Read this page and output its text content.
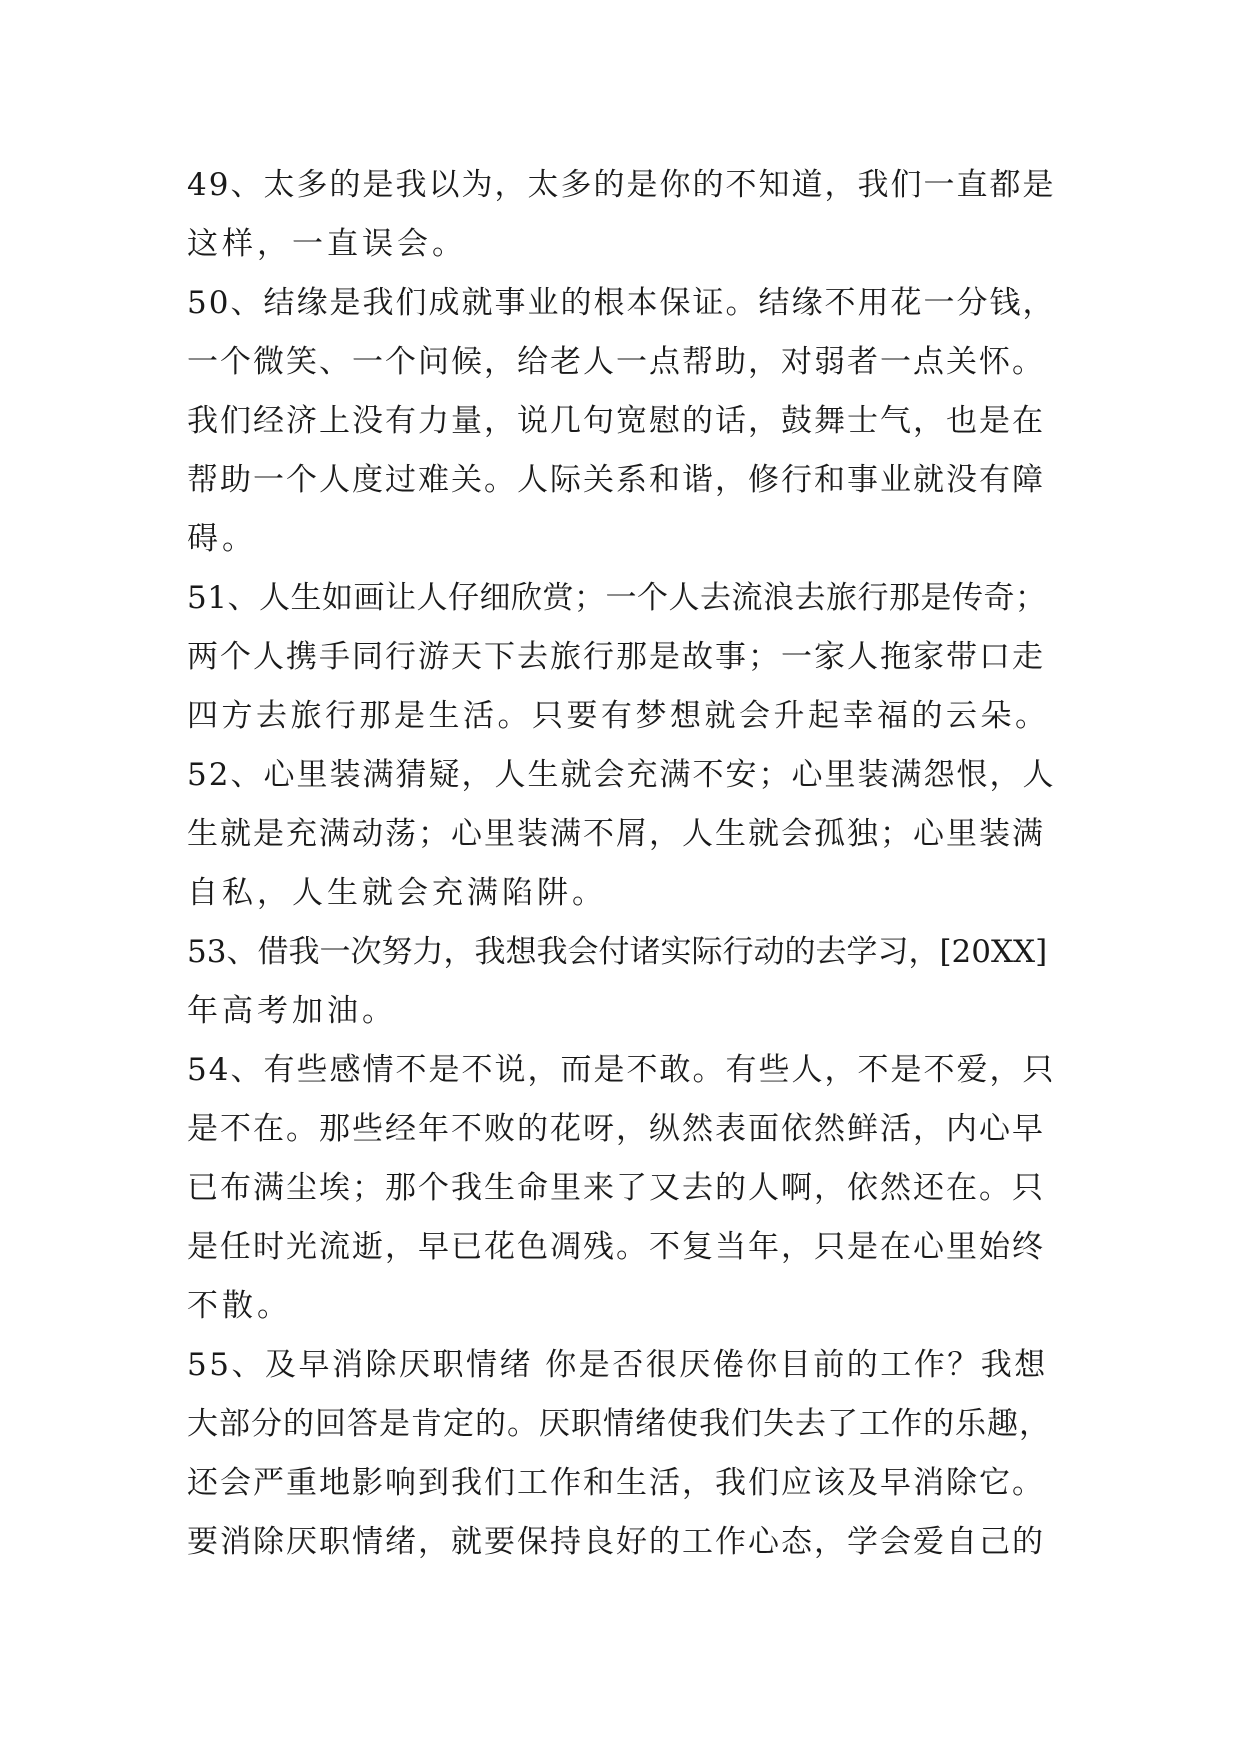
49、太多的是我以为，太多的是你的不知道，我们一直都是
这样，一直误会。
50、结缘是我们成就事业的根本保证。结缘不用花一分钱，
一个微笑、一个问候，给老人一点帮助，对弱者一点关怀。
我们经济上没有力量，说几句宽慰的话，鼓舞士气，也是在
帮助一个人度过难关。人际关系和谐，修行和事业就没有障
碍。
51、人生如画让人仔细欣赏；一个人去流浪去旅行那是传奇；
两个人携手同行游天下去旅行那是故事；一家人拖家带口走
四方去旅行那是生活。只要有梦想就会升起幸福的云朵。
52、心里装满猜疑，人生就会充满不安；心里装满怨恨，人
生就是充满动荡；心里装满不屑，人生就会孤独；心里装满
自私，人生就会充满陷阱。
53、借我一次努力，我想我会付诸实际行动的去学习，[20XX]
年高考加油。
54、有些感情不是不说，而是不敢。有些人，不是不爱，只
是不在。那些经年不败的花呀，纵然表面依然鲜活，内心早
已布满尘埃；那个我生命里来了又去的人啊，依然还在。只
是任时光流逝，早已花色凋残。不复当年，只是在心里始终
不散。
55、及早消除厌职情绪 你是否很厌倦你目前的工作？我想
大部分的回答是肯定的。厌职情绪使我们失去了工作的乐趣，
还会严重地影响到我们工作和生活，我们应该及早消除它。
要消除厌职情绪，就要保持良好的工作心态，学会爱自己的
